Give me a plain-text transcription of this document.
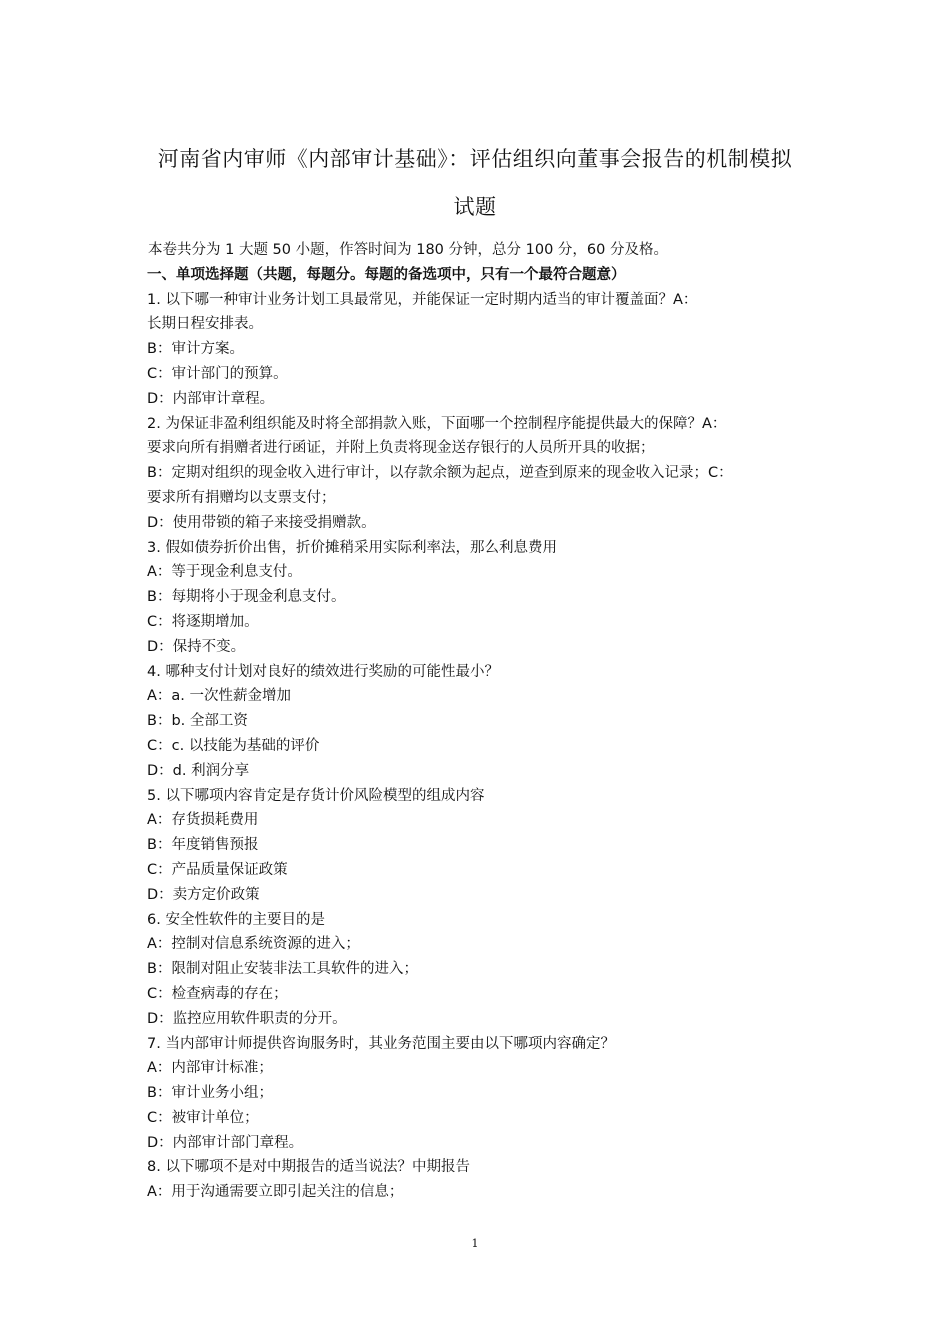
河南省内审师《内部审计基础》：评估组织向董事会报告的机制模拟
试题
本卷共分为 1 大题 50 小题，作答时间为 180 分钟，总分 100 分，60 分及格。
一、单项选择题（共题，每题分。每题的备选项中，只有一个最符合题意）
1. 以下哪一种审计业务计划工具最常见，并能保证一定时期内适当的审计覆盖面？A：
长期日程安排表。
B：审计方案。
C：审计部门的预算。
D：内部审计章程。
2. 为保证非盈利组织能及时将全部捐款入账，下面哪一个控制程序能提供最大的保障？A：
要求向所有捐赠者进行函证，并附上负责将现金送存银行的人员所开具的收据；
B：定期对组织的现金收入进行审计，以存款余额为起点，逆查到原来的现金收入记录；C：
要求所有捐赠均以支票支付；
D：使用带锁的箱子来接受捐赠款。
3. 假如债券折价出售，折价摊稍采用实际利率法，那么利息费用
A：等于现金利息支付。
B：每期将小于现金利息支付。
C：将逐期增加。
D：保持不变。
4. 哪种支付计划对良好的绩效进行奖励的可能性最小？
A：a. 一次性薪金增加
B：b. 全部工资
C：c. 以技能为基础的评价
D：d. 利润分享
5. 以下哪项内容肯定是存货计价风险模型的组成内容
A：存货损耗费用
B：年度销售预报
C：产品质量保证政策
D：卖方定价政策
6. 安全性软件的主要目的是
A：控制对信息系统资源的进入；
B：限制对阻止安装非法工具软件的进入；
C：检查病毒的存在；
D：监控应用软件职责的分开。
7. 当内部审计师提供咨询服务时，其业务范围主要由以下哪项内容确定？
A：内部审计标准；
B：审计业务小组；
C：被审计单位；
D：内部审计部门章程。
8. 以下哪项不是对中期报告的适当说法？中期报告
A：用于沟通需要立即引起关注的信息；
1
